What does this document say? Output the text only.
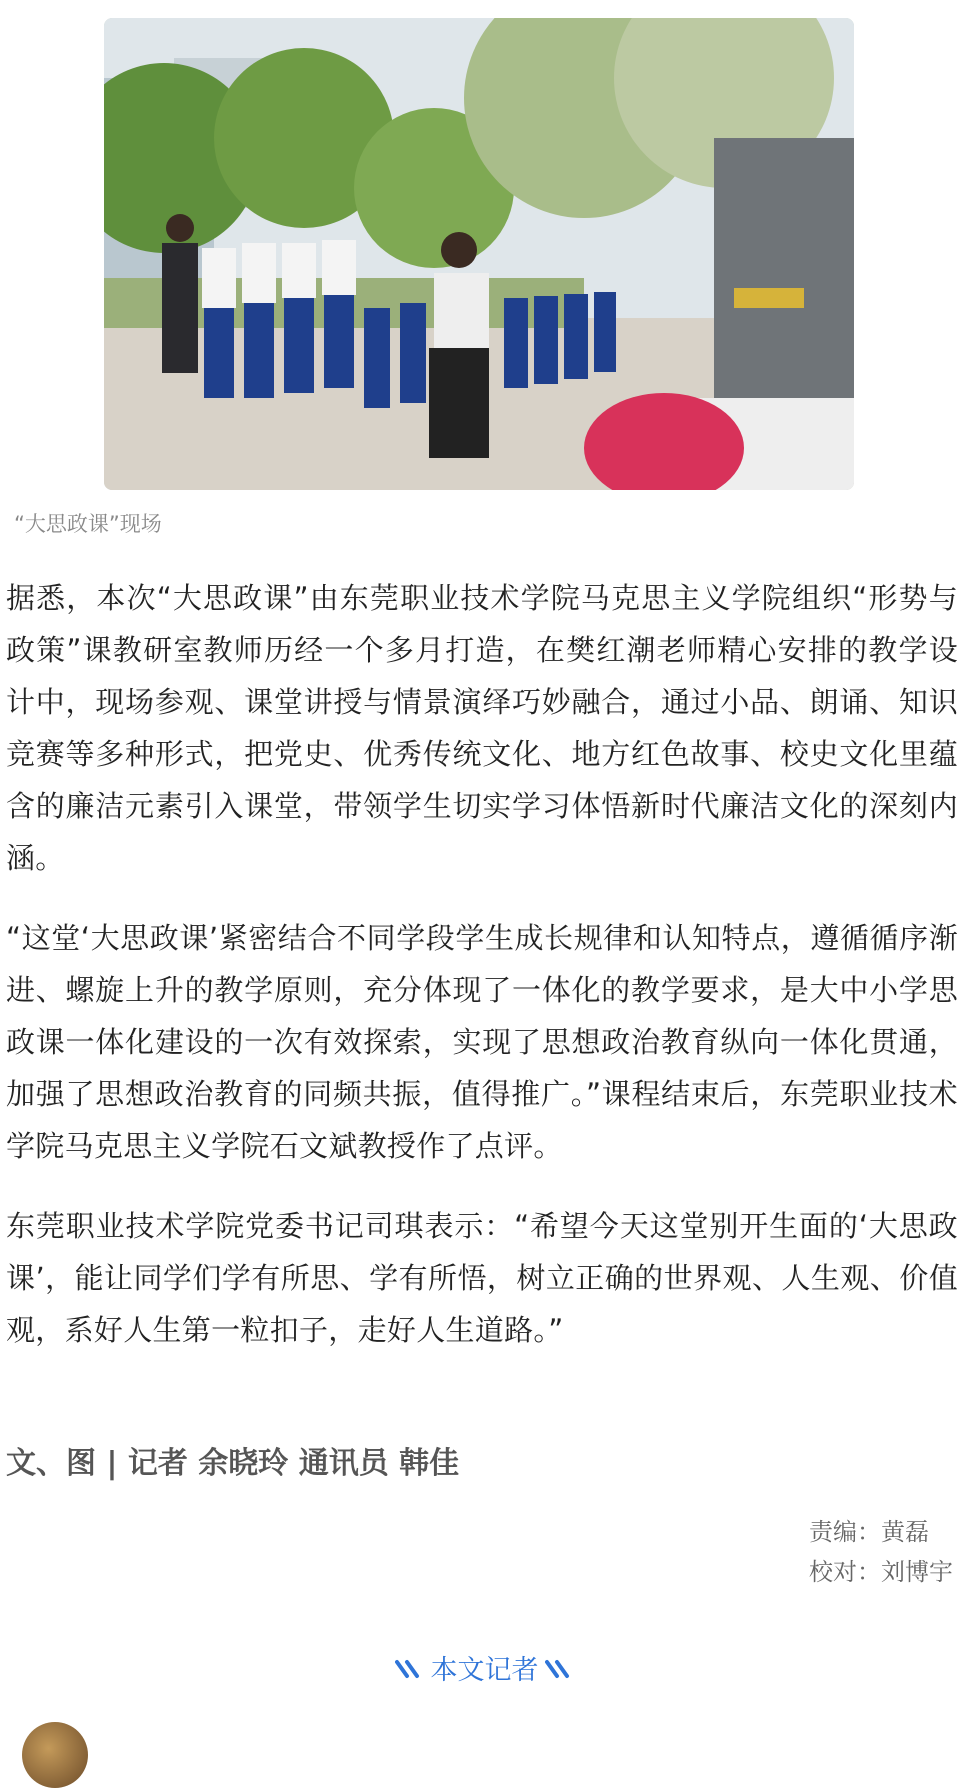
“大思政课”现场

据悉，本次“大思政课”由东莞职业技术学院马克思主义学院组织“形势与政策”课教研室教师历经一个多月打造，在樊红潮老师精心安排的教学设计中，现场参观、课堂讲授与情景演绎巧妙融合，通过小品、朗诵、知识竞赛等多种形式，把党史、优秀传统文化、地方红色故事、校史文化里蕴含的廉洁元素引入课堂，带领学生切实学习体悟新时代廉洁文化的深刻内涵。

“这堂‘大思政课’紧密结合不同学段学生成长规律和认知特点，遵循循序渐进、螺旋上升的教学原则，充分体现了一体化的教学要求，是大中小学思政课一体化建设的一次有效探索，实现了思想政治教育纵向一体化贯通，加强了思想政治教育的同频共振，值得推广。”课程结束后，东莞职业技术学院马克思主义学院石文斌教授作了点评。

东莞职业技术学院党委书记司琪表示：“希望今天这堂别开生面的‘大思政课’，能让同学们学有所思、学有所悟，树立正确的世界观、人生观、价值观，系好人生第一粒扣子，走好人生道路。”

文、图 | 记者 余晓玲 通讯员 韩佳
责编：黄磊
校对：刘博宇
本文记者
